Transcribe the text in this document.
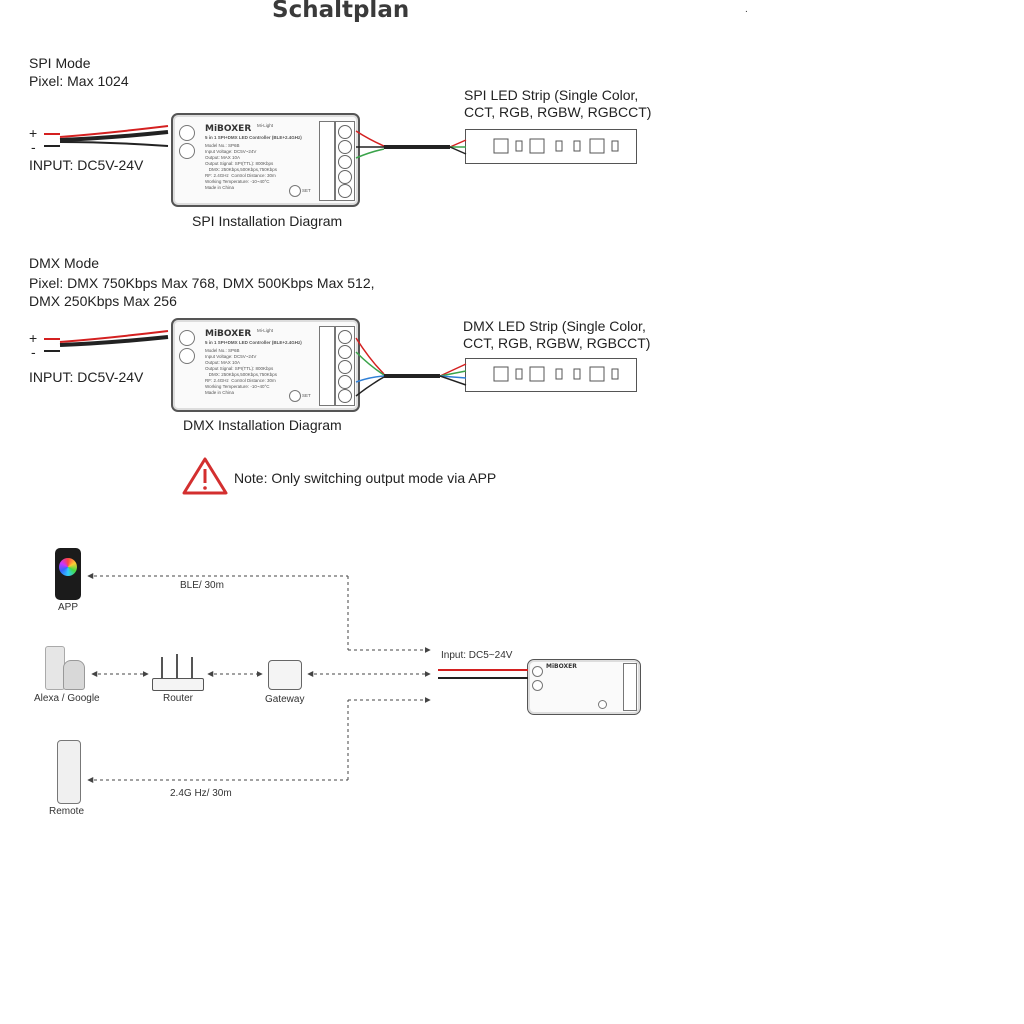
Schaltplan	.
SPI Mode
Pixel: Max 1024
+
-
INPUT: DC5V-24V
SPI LED Strip (Single Color,
CCT, RGB, RGBW, RGBCCT)
SPI Installation Diagram
MiBOXER Mi-Light
5 in 1 SPI+DMX LED Controller (BLE+2.4GHz)
Model No.: SP6B
Input Voltage: DC5V~24V
Output: MAX 10A
Output Signal: SPI(TTL): 800Kbps
DMX: 250Kbps,500Kbps,750Kbps
RF: 2.4GHz  Control Distance: 30m
Working Temperature: -10~40°C
Made in China
SET
DMX Mode
Pixel: DMX 750Kbps Max 768, DMX 500Kbps Max 512,
DMX 250Kbps Max 256
+
-
INPUT: DC5V-24V
DMX LED Strip (Single Color,
CCT, RGB, RGBW, RGBCCT)
DMX Installation Diagram
MiBOXER Mi-Light
5 in 1 SPI+DMX LED Controller (BLE+2.4GHz)
Model No.: SP6B
Input Voltage: DC5V~24V
Output: MAX 10A
Output Signal: SPI(TTL): 800Kbps
DMX: 250Kbps,500Kbps,750Kbps
RF: 2.4GHz  Control Distance: 30m
Working Temperature: -10~40°C
Made in China
SET
Note: Only switching output mode via APP
APP
BLE/ 30m
Alexa / Google	Router	Gateway
Remote
2.4G Hz/ 30m
Input: DC5~24V
MiBOXER
